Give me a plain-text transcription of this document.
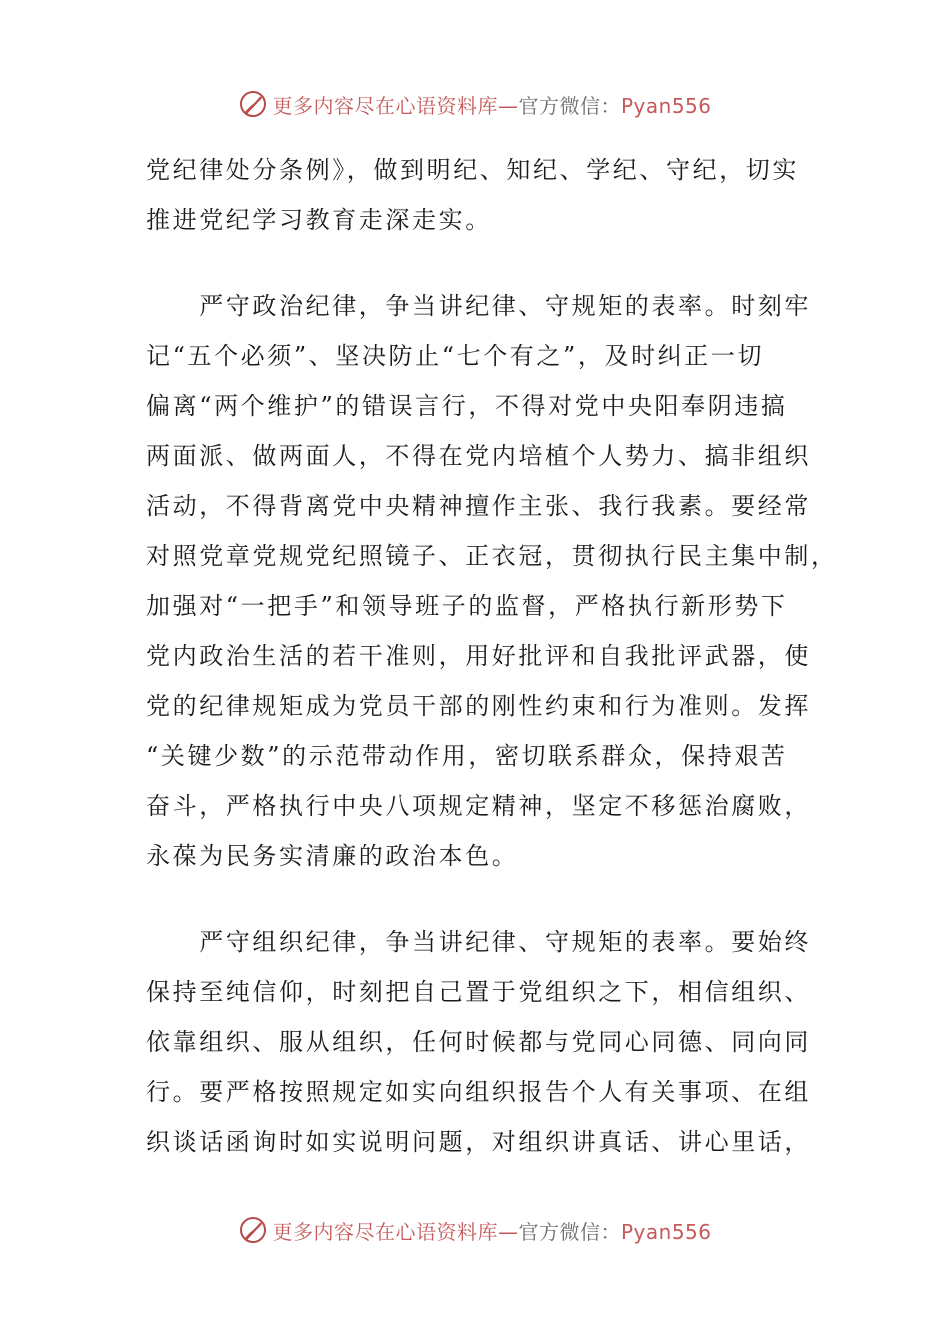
更多内容尽在心语资料库—官方微信：Pyan556
党纪律处分条例》，做到明纪、知纪、学纪、守纪，切实
推进党纪学习教育走深走实。
　　严守政治纪律，争当讲纪律、守规矩的表率。时刻牢
记“五个必须”、坚决防止“七个有之”，及时纠正一切
偏离“两个维护”的错误言行，不得对党中央阳奉阴违搞
两面派、做两面人，不得在党内培植个人势力、搞非组织
活动，不得背离党中央精神擅作主张、我行我素。要经常
对照党章党规党纪照镜子、正衣冠，贯彻执行民主集中制，
加强对“一把手”和领导班子的监督，严格执行新形势下
党内政治生活的若干准则，用好批评和自我批评武器，使
党的纪律规矩成为党员干部的刚性约束和行为准则。发挥
“关键少数”的示范带动作用，密切联系群众，保持艰苦
奋斗，严格执行中央八项规定精神，坚定不移惩治腐败，
永葆为民务实清廉的政治本色。
　　严守组织纪律，争当讲纪律、守规矩的表率。要始终
保持至纯信仰，时刻把自己置于党组织之下，相信组织、
依靠组织、服从组织，任何时候都与党同心同德、同向同
行。要严格按照规定如实向组织报告个人有关事项、在组
织谈话函询时如实说明问题，对组织讲真话、讲心里话，
更多内容尽在心语资料库—官方微信：Pyan556
